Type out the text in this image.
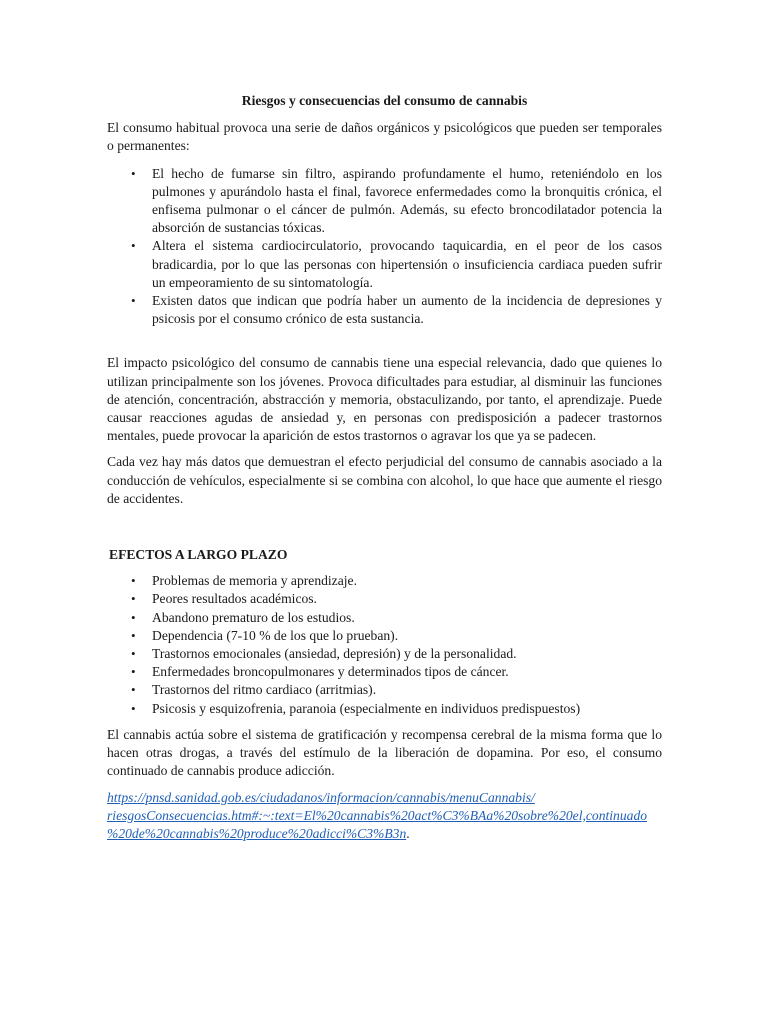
Riesgos y consecuencias del consumo de cannabis

El consumo habitual provoca una serie de daños orgánicos y psicológicos que pueden ser temporales o permanentes:

• El hecho de fumarse sin filtro, aspirando profundamente el humo, reteniéndolo en los pulmones y apurándolo hasta el final, favorece enfermedades como la bronquitis crónica, el enfisema pulmonar o el cáncer de pulmón. Además, su efecto broncodilatador potencia la absorción de sustancias tóxicas.
• Altera el sistema cardiocirculatorio, provocando taquicardia, en el peor de los casos bradicardia, por lo que las personas con hipertensión o insuficiencia cardiaca pueden sufrir un empeoramiento de su sintomatología.
• Existen datos que indican que podría haber un aumento de la incidencia de depresiones y psicosis por el consumo crónico de esta sustancia.

El impacto psicológico del consumo de cannabis tiene una especial relevancia, dado que quienes lo utilizan principalmente son los jóvenes. Provoca dificultades para estudiar, al disminuir las funciones de atención, concentración, abstracción y memoria, obstaculizando, por tanto, el aprendizaje. Puede causar reacciones agudas de ansiedad y, en personas con predisposición a padecer trastornos mentales, puede provocar la aparición de estos trastornos o agravar los que ya se padecen.

Cada vez hay más datos que demuestran el efecto perjudicial del consumo de cannabis asociado a la conducción de vehículos, especialmente si se combina con alcohol, lo que hace que aumente el riesgo de accidentes.

EFECTOS A LARGO PLAZO
• Problemas de memoria y aprendizaje.
• Peores resultados académicos.
• Abandono prematuro de los estudios.
• Dependencia (7-10 % de los que lo prueban).
• Trastornos emocionales (ansiedad, depresión) y de la personalidad.
• Enfermedades broncopulmonares y determinados tipos de cáncer.
• Trastornos del ritmo cardiaco (arritmias).
• Psicosis y esquizofrenia, paranoia (especialmente en individuos predispuestos)

El cannabis actúa sobre el sistema de gratificación y recompensa cerebral de la misma forma que lo hacen otras drogas, a través del estímulo de la liberación de dopamina. Por eso, el consumo continuado de cannabis produce adicción.

https://pnsd.sanidad.gob.es/ciudadanos/informacion/cannabis/menuCannabis/
riesgosConsecuencias.htm#:~:text=El%20cannabis%20act%C3%BAa%20sobre%20el,continuado
%20de%20cannabis%20produce%20adicci%C3%B3n.
